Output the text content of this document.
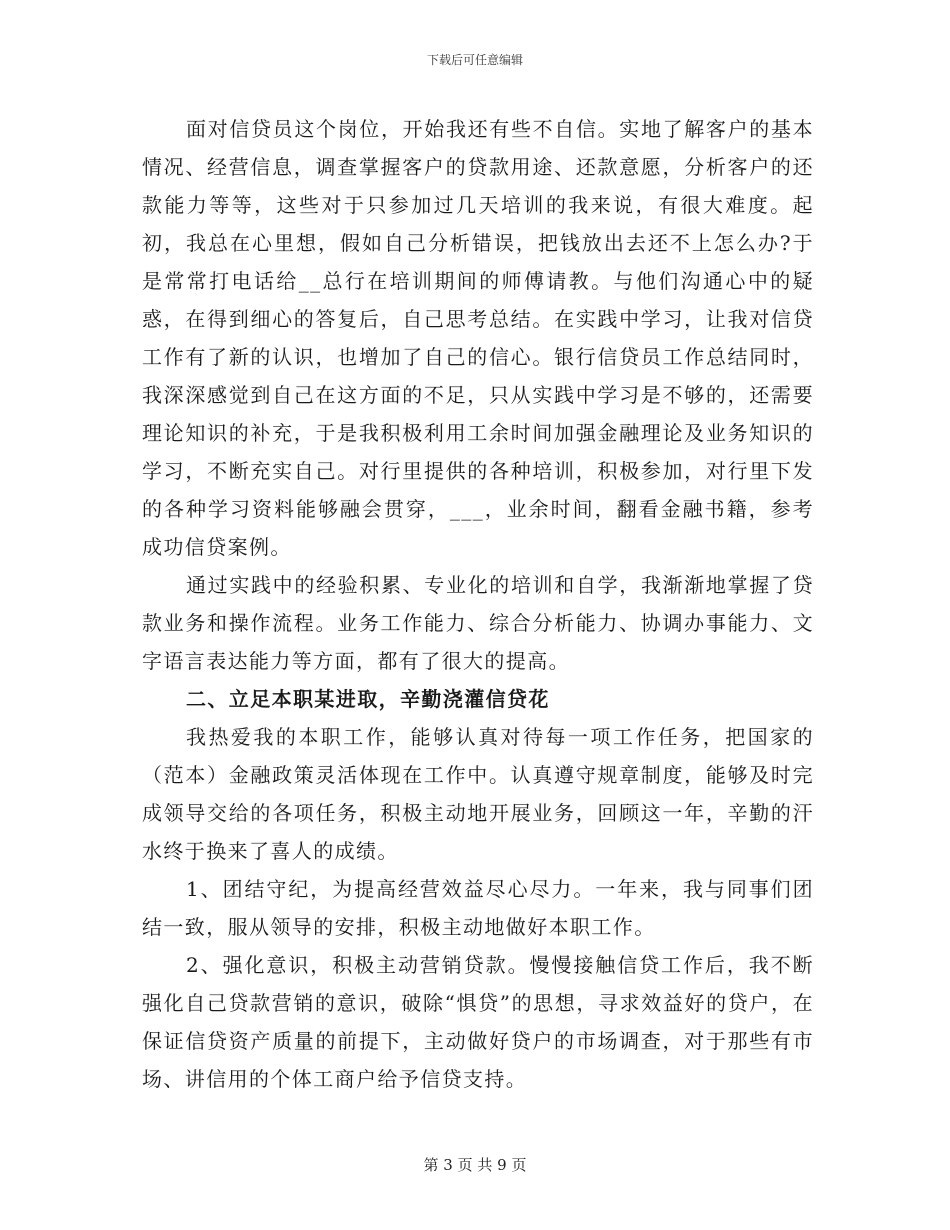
下载后可任意编辑

面对信贷员这个岗位，开始我还有些不自信。实地了解客户的基本情况、经营信息，调查掌握客户的贷款用途、还款意愿，分析客户的还款能力等等，这些对于只参加过几天培训的我来说，有很大难度。起初，我总在心里想，假如自己分析错误，把钱放出去还不上怎么办?于是常常打电话给__总行在培训期间的师傅请教。与他们沟通心中的疑惑，在得到细心的答复后，自己思考总结。在实践中学习，让我对信贷工作有了新的认识，也增加了自己的信心。银行信贷员工作总结同时，我深深感觉到自己在这方面的不足，只从实践中学习是不够的，还需要理论知识的补充，于是我积极利用工余时间加强金融理论及业务知识的学习，不断充实自己。对行里提供的各种培训，积极参加，对行里下发的各种学习资料能够融会贯穿，___，业余时间，翻看金融书籍，参考成功信贷案例。

通过实践中的经验积累、专业化的培训和自学，我渐渐地掌握了贷款业务和操作流程。业务工作能力、综合分析能力、协调办事能力、文字语言表达能力等方面，都有了很大的提高。

二、立足本职某进取，辛勤浇灌信贷花

我热爱我的本职工作，能够认真对待每一项工作任务，把国家的（范本）金融政策灵活体现在工作中。认真遵守规章制度，能够及时完成领导交给的各项任务，积极主动地开展业务，回顾这一年，辛勤的汗水终于换来了喜人的成绩。

1、团结守纪，为提高经营效益尽心尽力。一年来，我与同事们团结一致，服从领导的安排，积极主动地做好本职工作。

2、强化意识，积极主动营销贷款。慢慢接触信贷工作后，我不断强化自己贷款营销的意识，破除“惧贷”的思想，寻求效益好的贷户，在保证信贷资产质量的前提下，主动做好贷户的市场调查，对于那些有市场、讲信用的个体工商户给予信贷支持。

第 3 页 共 9 页
